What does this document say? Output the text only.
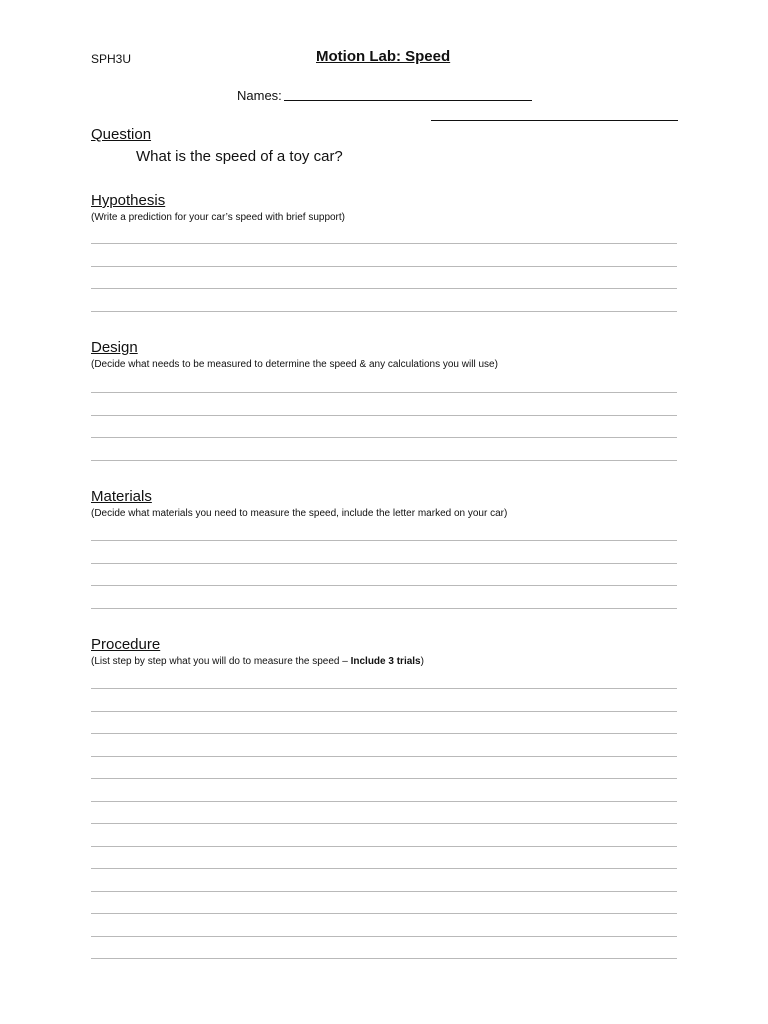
SPH3U	Motion Lab: Speed
Names:
Question
What is the speed of a toy car?
Hypothesis
(Write a prediction for your car’s speed with brief support)
Design
(Decide what needs to be measured to determine the speed & any calculations you will use)
Materials
(Decide what materials you need to measure the speed, include the letter marked on your car)
Procedure
(List step by step what you will do to measure the speed – Include 3 trials)
